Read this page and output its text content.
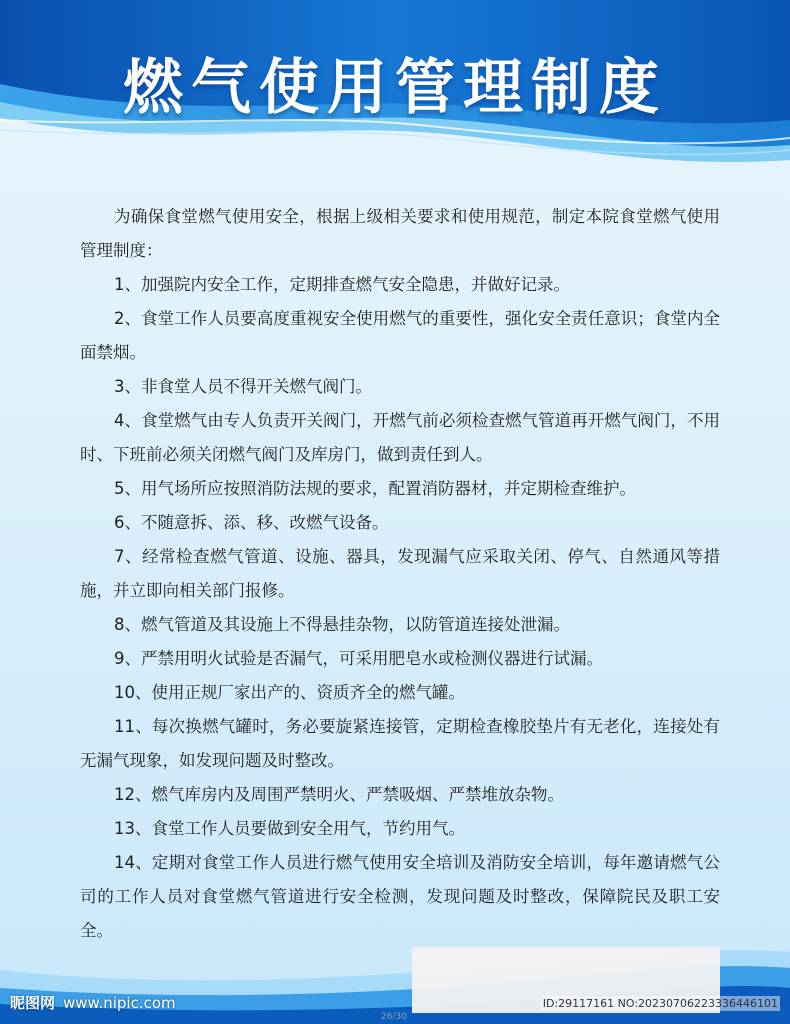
燃气使用管理制度

为确保食堂燃气使用安全，根据上级相关要求和使用规范，制定本院食堂燃气使用管理制度：

1、加强院内安全工作，定期排查燃气安全隐患，并做好记录。

2、食堂工作人员要高度重视安全使用燃气的重要性，强化安全责任意识；食堂内全面禁烟。

3、非食堂人员不得开关燃气阀门。

4、食堂燃气由专人负责开关阀门，开燃气前必须检查燃气管道再开燃气阀门，不用时、下班前必须关闭燃气阀门及库房门，做到责任到人。

5、用气场所应按照消防法规的要求，配置消防器材，并定期检查维护。

6、不随意拆、添、移、改燃气设备。

7、经常检查燃气管道、设施、器具，发现漏气应采取关闭、停气、自然通风等措施，并立即向相关部门报修。

8、燃气管道及其设施上不得悬挂杂物，以防管道连接处泄漏。

9、严禁用明火试验是否漏气，可采用肥皂水或检测仪器进行试漏。

10、使用正规厂家出产的、资质齐全的燃气罐。

11、每次换燃气罐时，务必要旋紧连接管，定期检查橡胶垫片有无老化，连接处有无漏气现象，如发现问题及时整改。

12、燃气库房内及周围严禁明火、严禁吸烟、严禁堆放杂物。

13、食堂工作人员要做到安全用气，节约用气。

14、定期对食堂工作人员进行燃气使用安全培训及消防安全培训，每年邀请燃气公司的工作人员对食堂燃气管道进行安全检测，发现问题及时整改，保障院民及职工安全。

昵图网 www.nipic.com	ID:29117161 NO:20230706223336446101
26/30
